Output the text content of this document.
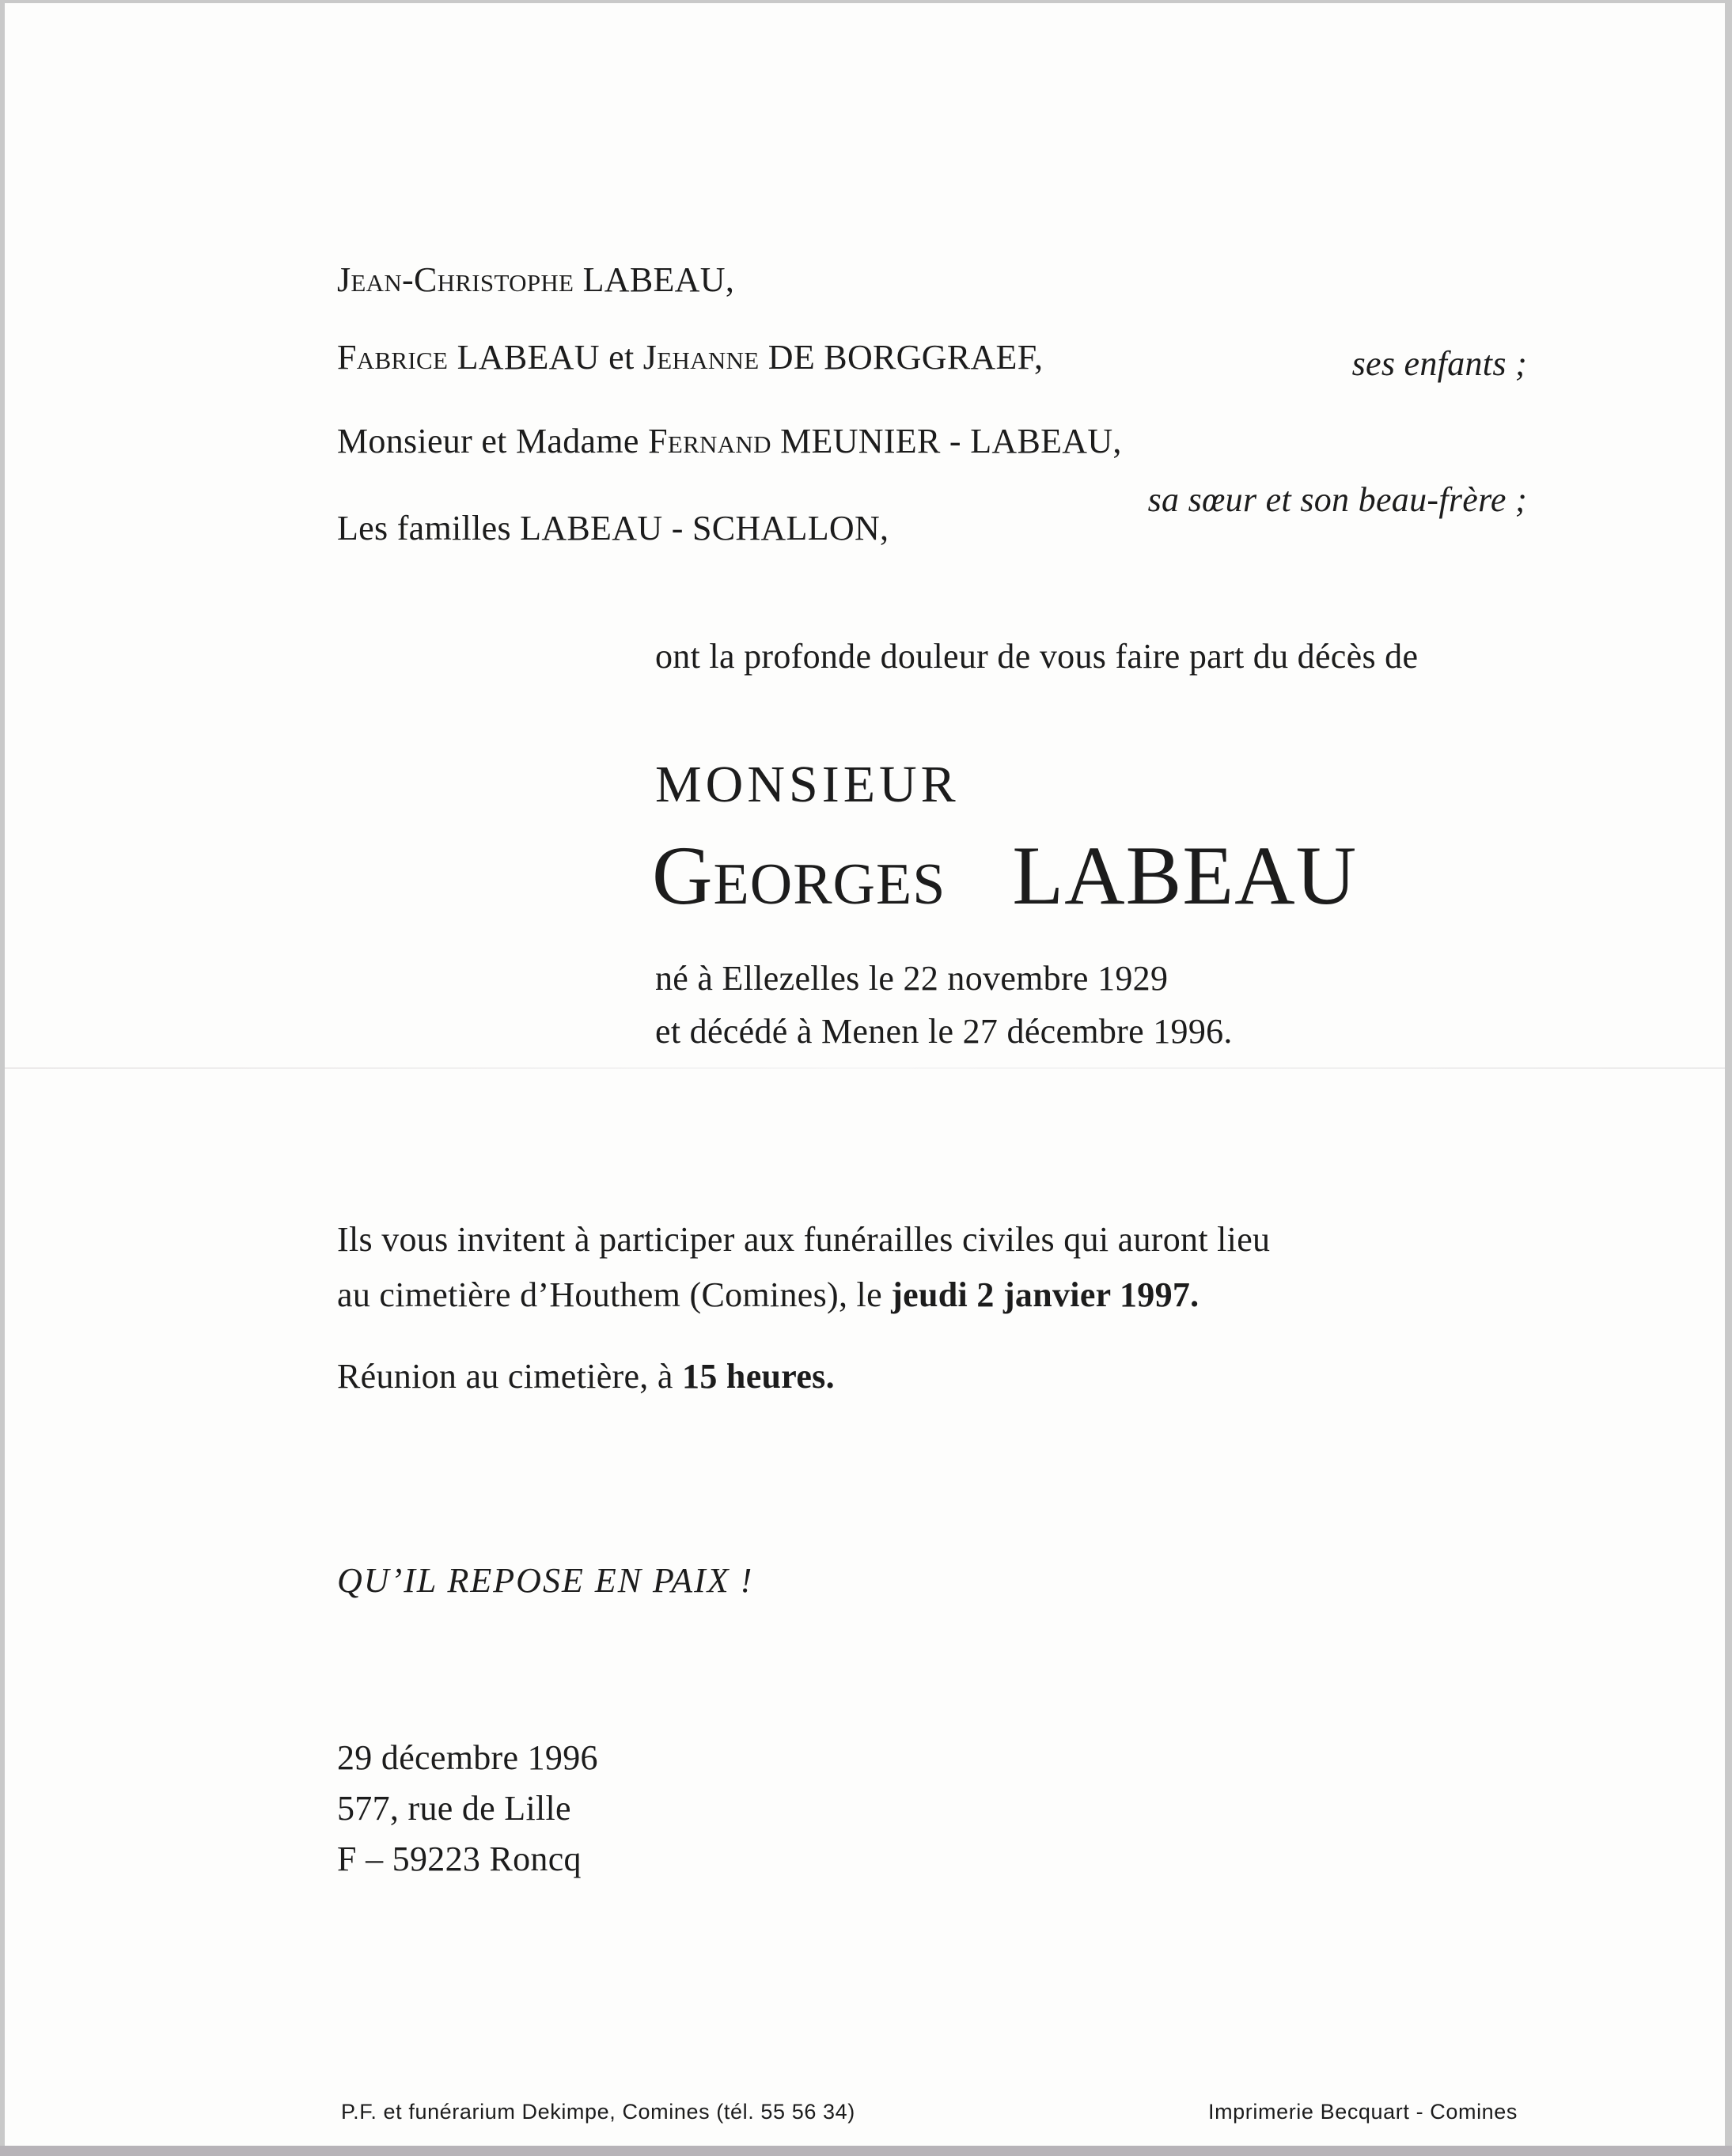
Jean-Christophe LABEAU,
Fabrice LABEAU et Jehanne DE BORGGRAEF,	ses enfants ;
Monsieur et Madame Fernand MEUNIER - LABEAU,
sa sœur et son beau-frère ;
Les familles LABEAU - SCHALLON,
ont la profonde douleur de vous faire part du décès de
MONSIEUR
Georges LABEAU
né à Ellezelles le 22 novembre 1929
et décédé à Menen le 27 décembre 1996.
Ils vous invitent à participer aux funérailles civiles qui auront lieu
au cimetière d’Houthem (Comines), le jeudi 2 janvier 1997.
Réunion au cimetière, à 15 heures.
QU’IL REPOSE EN PAIX !
29 décembre 1996
577, rue de Lille
F – 59223 Roncq
P.F. et funérarium Dekimpe, Comines (tél. 55 56 34)	Imprimerie Becquart - Comines
